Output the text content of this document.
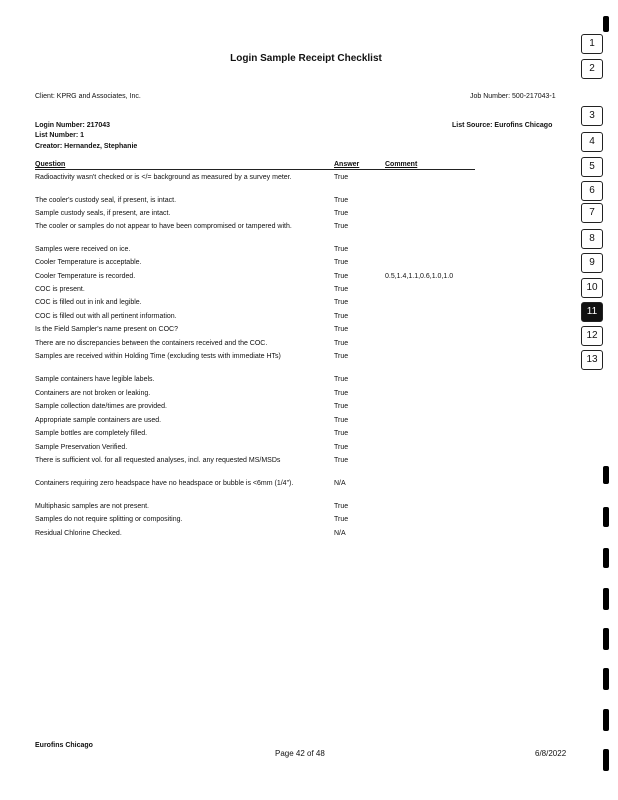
Login Sample Receipt Checklist
Client: KPRG and Associates, Inc.	Job Number: 500-217043-1
Login Number: 217043
List Number: 1
Creator: Hernandez, Stephanie
List Source: Eurofins Chicago
Question	Answer	Comment
Radioactivity wasn't checked or is </= background as measured by a survey meter.	True
The cooler's custody seal, if present, is intact.	True
Sample custody seals, if present, are intact.	True
The cooler or samples do not appear to have been compromised or tampered with.	True
Samples were received on ice.	True
Cooler Temperature is acceptable.	True
Cooler Temperature is recorded.	True	0.5,1.4,1.1,0.6,1.0,1.0
COC is present.	True
COC is filled out in ink and legible.	True
COC is filled out with all pertinent information.	True
Is the Field Sampler's name present on COC?	True
There are no discrepancies between the containers received and the COC.	True
Samples are received within Holding Time (excluding tests with immediate HTs)	True
Sample containers have legible labels.	True
Containers are not broken or leaking.	True
Sample collection date/times are provided.	True
Appropriate sample containers are used.	True
Sample bottles are completely filled.	True
Sample Preservation Verified.	True
There is sufficient vol. for all requested analyses, incl. any requested MS/MSDs	True
Containers requiring zero headspace have no headspace or bubble is <6mm (1/4").	N/A
Multiphasic samples are not present.	True
Samples do not require splitting or compositing.	True
Residual Chlorine Checked.	N/A
1
2
3
4
5
6
7
8
9
10
11
12
13
Eurofins Chicago
Page 42 of 48	6/8/2022
